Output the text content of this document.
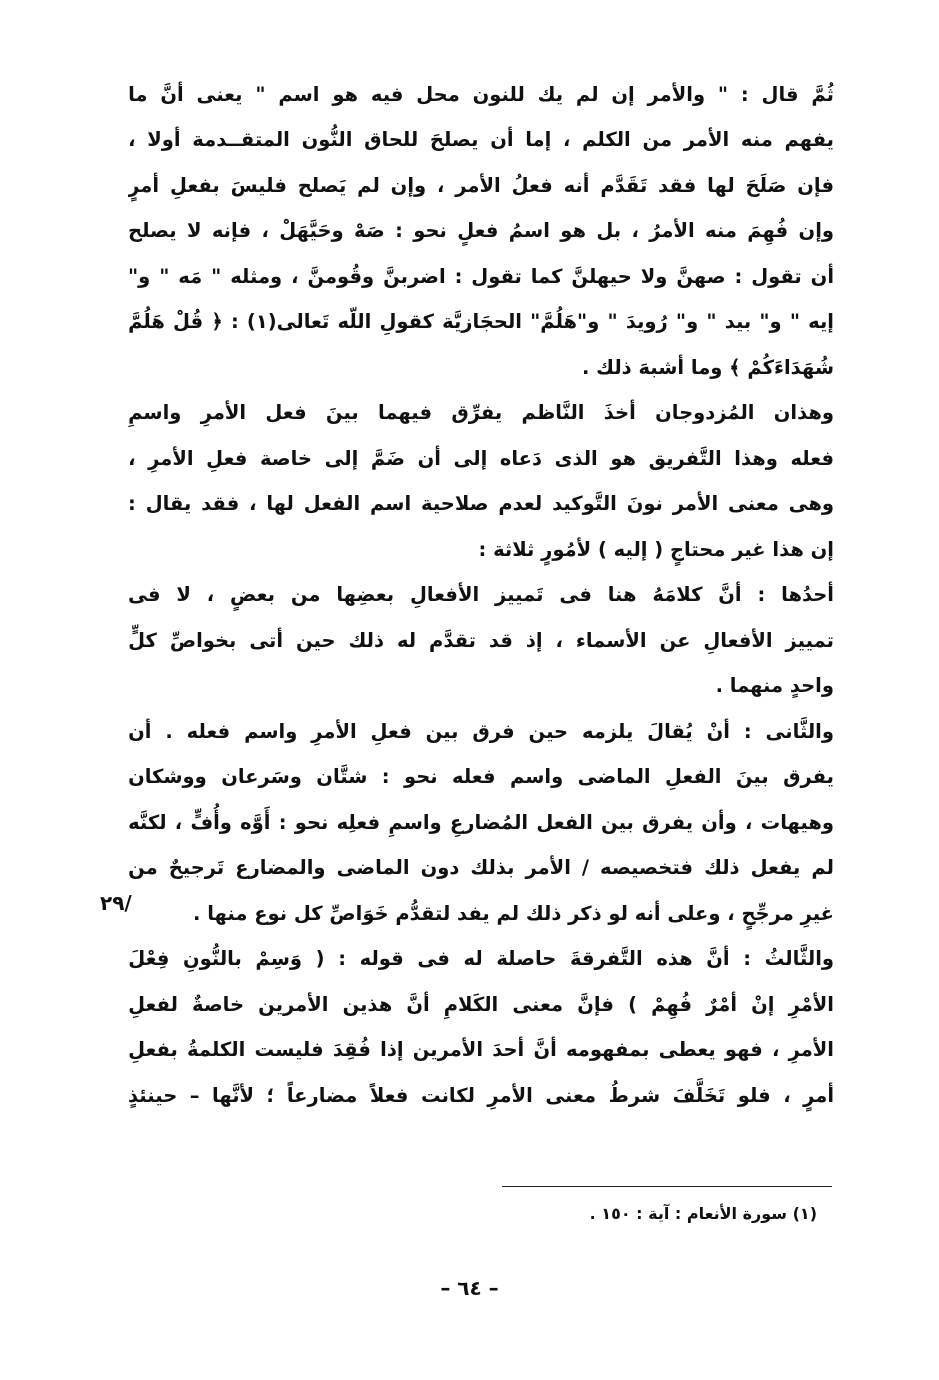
ثُمَّ
قال
:
"
والأمر
إن
لم
يك
للنون
محل
فيه
هو
اسم
"
يعنى
أنَّ
ما
يفهم
منه
الأمر
من
الكلم
،
إما
أن
يصلحَ
للحاق
النُّون
المتقــدمة
أولا
،
فإن
صَلَحَ
لها
فقد
تَقَدَّم
أنه
فعلُ
الأمر
،
وإن
لم
يَصلح
فليسَ
بفعلِ
أمرٍ
وإن
فُهِمَ
منه
الأمرُ
،
بل
هو
اسمُ
فعلٍ
نحو
:
صَهْ
وحَيَّهَلْ
،
فإنه
لا
يصلح
أن
تقول
:
صهنَّ
ولا
حيهلنَّ
كما
تقول
:
اضربنَّ
وقُومنَّ
،
ومثله
"
مَه
"
و"
إيه
"
و"
بيد
"
و"
رُويدَ
"
و"هَلُمَّ"
الحجَازيَّة
كقولِ
اللّه
تَعالى(١)
:
﴿
قُلْ
هَلُمَّ
شُهَدَاءَكُمْ ﴾ وما أشبهَ ذلك .
وهذان
المُزدوجان
أخذَ
النَّاظم
يفرِّق
فيهما
بينَ
فعل
الأمرِ
واسمِ
فعله
وهذا
التَّفريق
هو
الذى
دَعاه
إلى
أن
ضَمَّ
إلى
خاصة
فعلِ
الأمرِ
،
وهى
معنى
الأمر
نونَ
التَّوكيد
لعدم
صلاحية
اسم
الفعل
لها
،
فقد
يقال
:
إن هذا غير محتاجٍ ( إليه ) لأمُورٍ ثلاثة :
أحدُها
:
أنَّ
كلامَهُ
هنا
فى
تَمييز
الأفعالِ
بعضِها
من
بعضٍ
،
لا
فى
تمييز
الأفعالِ
عن
الأسماء
،
إذ
قد
تقدَّم
له
ذلك
حين
أتى
بخواصِّ
كلٍّ
واحدٍ منهما .
والثَّانى
:
أنْ
يُقالَ
يلزمه
حين
فرق
بين
فعلِ
الأمرِ
واسم
فعله
.
أن
يفرق
بينَ
الفعلِ
الماضى
واسم
فعله
نحو
:
شتَّان
وسَرعان
ووشكان
وهيهات
،
وأن
يفرق
بين
الفعل
المُضارعِ
واسمِ
فعلِه
نحو
:
أَوَّه
وأُفٍّ
،
لكنَّه
لم
يفعل
ذلك
فتخصيصه
/
الأمر
بذلك
دون
الماضى
والمضارع
تَرجيحٌ
من
غيرِ مرجِّحٍ ، وعلى أنه لو ذكر ذلك لم يفد لتقدُّم خَوَاصِّ كل نوع منها .
والثَّالثُ
:
أنَّ
هذه
التَّفرقةَ
حاصلة
له
فى
قوله
:
(
وَسِمْ
بالنُّونِ
فِعْلَ
الأمْرِ
إنْ
أمْرٌ
فُهِمْ
)
فإنَّ
معنى
الكَلامِ
أنَّ
هذين
الأمرين
خاصةٌ
لفعلِ
الأمرِ
،
فهو
يعطى
بمفهومه
أنَّ
أحدَ
الأمرين
إذا
فُقِدَ
فليست
الكلمةُ
بفعلِ
أمرٍ
،
فلو
تَخَلَّفَ
شرطُ
معنى
الأمرِ
لكانت
فعلاً
مضارعاً
؛
لأنَّها
–
حينئذٍ
٢٩/
(١) سورة الأنعام : آية : ١٥٠ .
– ٦٤ –
